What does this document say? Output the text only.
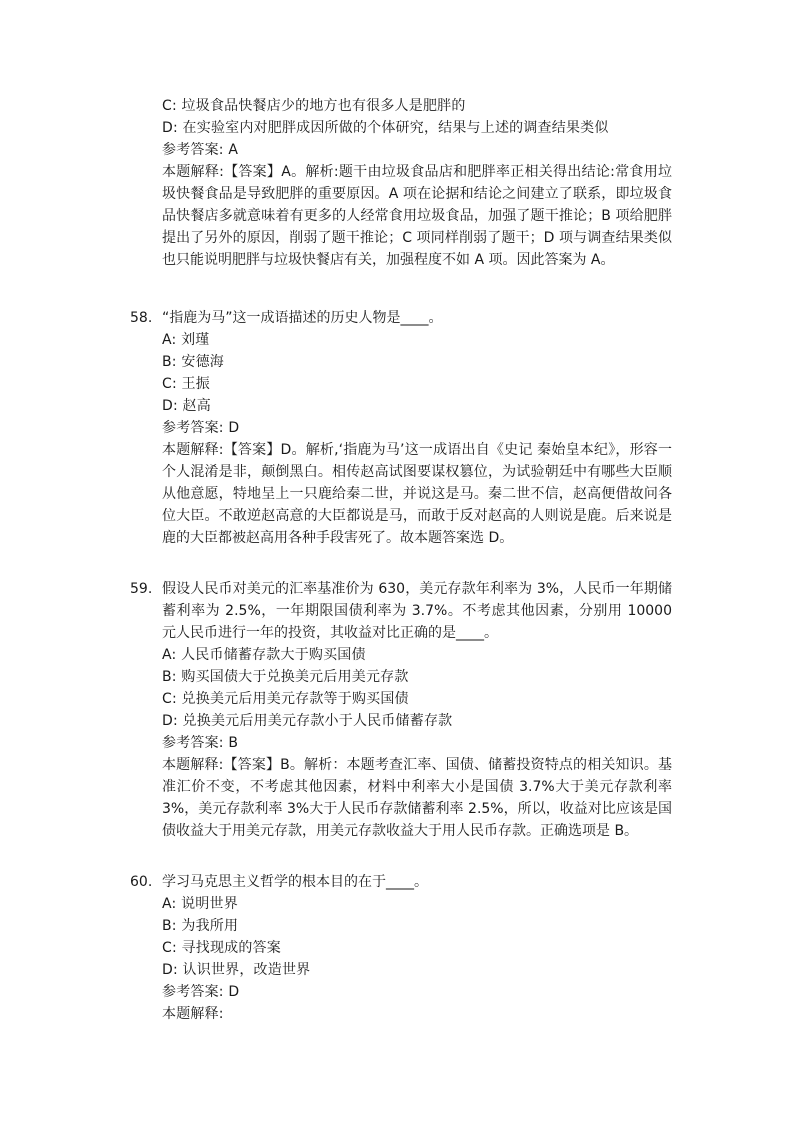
C: 垃圾食品快餐店少的地方也有很多人是肥胖的
D: 在实验室内对肥胖成因所做的个体研究，结果与上述的调查结果类似
参考答案: A
本题解释:【答案】A。解析:题干由垃圾食品店和肥胖率正相关得出结论:常食用垃圾快餐食品是导致肥胖的重要原因。A 项在论据和结论之间建立了联系，即垃圾食品快餐店多就意味着有更多的人经常食用垃圾食品，加强了题干推论；B 项给肥胖提出了另外的原因，削弱了题干推论；C 项同样削弱了题干；D 项与调查结果类似也只能说明肥胖与垃圾快餐店有关，加强程度不如 A 项。因此答案为 A。
58. “指鹿为马”这一成语描述的历史人物是____。
A: 刘瑾
B: 安德海
C: 王振
D: 赵高
参考答案: D
本题解释:【答案】D。解析,‘指鹿为马’这一成语出自《史记 秦始皇本纪》，形容一个人混淆是非，颠倒黑白。相传赵高试图要谋权篡位，为试验朝廷中有哪些大臣顺从他意愿，特地呈上一只鹿给秦二世，并说这是马。秦二世不信，赵高便借故问各位大臣。不敢逆赵高意的大臣都说是马，而敢于反对赵高的人则说是鹿。后来说是鹿的大臣都被赵高用各种手段害死了。故本题答案选 D。
59. 假设人民币对美元的汇率基准价为 630，美元存款年利率为 3%，人民币一年期储蓄利率为 2.5%，一年期限国债利率为 3.7%。不考虑其他因素，分别用 10000 元人民币进行一年的投资，其收益对比正确的是____。
A: 人民币储蓄存款大于购买国债
B: 购买国债大于兑换美元后用美元存款
C: 兑换美元后用美元存款等于购买国债
D: 兑换美元后用美元存款小于人民币储蓄存款
参考答案: B
本题解释:【答案】B。解析：本题考查汇率、国债、储蓄投资特点的相关知识。基准汇价不变，不考虑其他因素，材料中利率大小是国债 3.7%大于美元存款利率 3%，美元存款利率 3%大于人民币存款储蓄利率 2.5%，所以，收益对比应该是国债收益大于用美元存款，用美元存款收益大于用人民币存款。正确选项是 B。
60. 学习马克思主义哲学的根本目的在于____。
A: 说明世界
B: 为我所用
C: 寻找现成的答案
D: 认识世界，改造世界
参考答案: D
本题解释:
